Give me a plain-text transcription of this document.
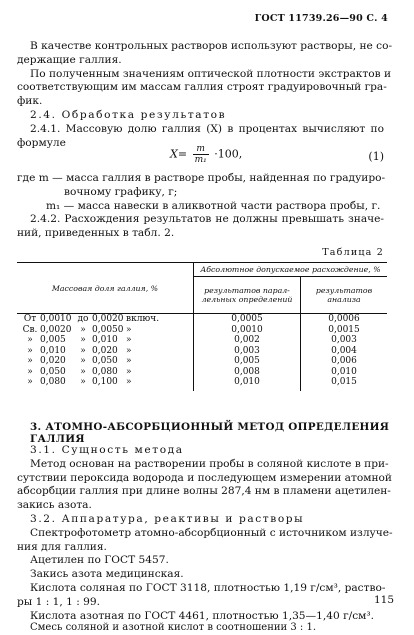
ГОСТ 11739.26—90 С. 4
В качестве контрольных растворов используют растворы, не со-
держащие галлия.
По полученным значениям оптической плотности экстрактов и
соответствующим им массам галлия строят градуировочный гра-
фик.
2.4. Обработка результатов
2.4.1. Массовую долю галлия (X) в процентах вычисляют по
формуле
$X= \frac{m}{\text{m₁}} \cdot 100$,	(1)
где m — масса галлия в растворе пробы, найденная по градуиро-
вочному графику, г;
m₁ — масса навески в аликвотной части раствора пробы, г.
2.4.2. Расхождения результатов не должны превышать значе-
ний, приведенных в табл. 2.
Таблица 2
Массовая доля галлия, %	Абсолютное допускаемое расхождение, %	
	результатов парал-
лельных определений	результатов анализа
От 0,0010 до 0,0020 включ.	0,0005	0,0006
Св. 0,0020 » 0,0050 »	0,0010	0,0015
» 0,005 » 0,010 »	0,002	0,003
» 0,010 » 0,020 »	0,003	0,004
» 0,020 » 0,050 »	0,005	0,006
» 0,050 » 0,080 »	0,008	0,010
» 0,080 » 0,100 »	0,010	0,015
3. АТОМНО-АБСОРБЦИОННЫЙ МЕТОД ОПРЕДЕЛЕНИЯ ГАЛЛИЯ
3.1. Сущность метода
Метод основан на растворении пробы в соляной кислоте в при-
сутствии пероксида водорода и последующем измерении атомной
абсорбции галлия при длине волны 287,4 нм в пламени ацетилен-
закись азота.
3.2. Аппаратура, реактивы и растворы
Спектрофотометр атомно-абсорбционный с источником излуче-
ния для галлия.
Ацетилен по ГОСТ 5457.
Закись азота медицинская.
Кислота соляная по ГОСТ 3118, плотностью 1,19 г/см³, раство-
ры 1 : 1, 1 : 99.
Кислота азотная по ГОСТ 4461, плотностью 1,35—1,40 г/см³.
Смесь соляной и азотной кислот в соотношении 3 : 1.
115
